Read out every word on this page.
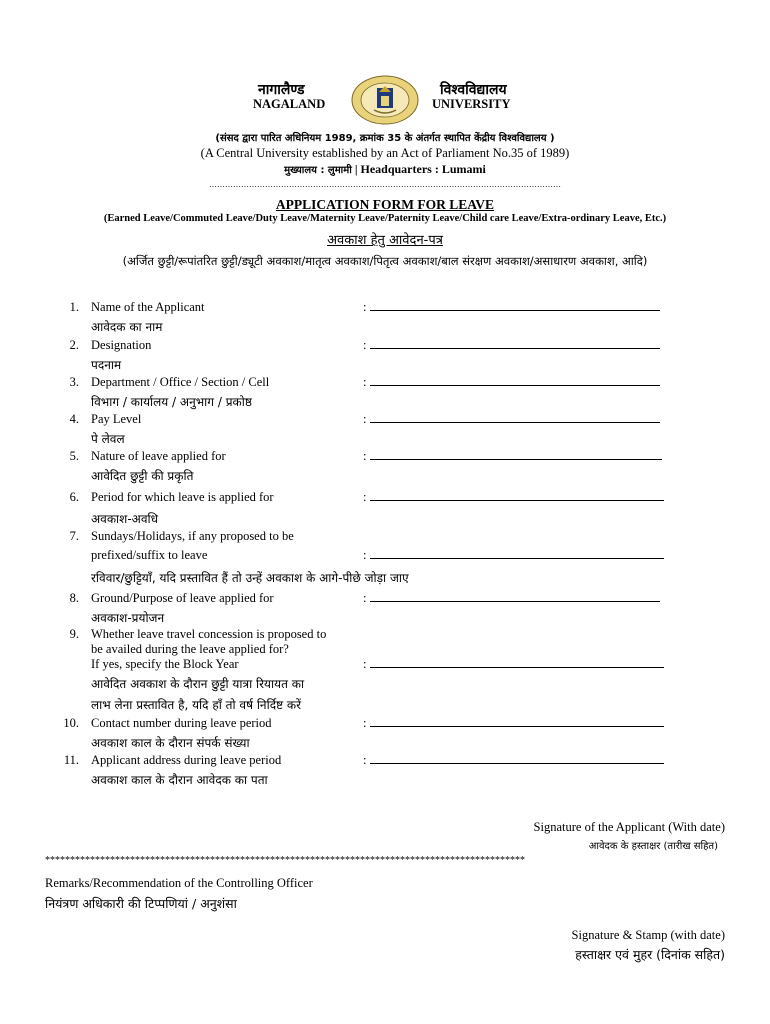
नागालैण्ड
NAGALAND
विश्वविद्यालय
UNIVERSITY
(संसद द्वारा पारित अधिनियम 1989, क्रमांक 35 के अंतर्गत स्थापित केंद्रीय विश्वविद्यालय )
(A Central University established by an Act of Parliament No.35 of 1989)
मुख्यालय : लुमामी | Headquarters : Lumami
……………………………………………………………………………………………………………………
APPLICATION FORM FOR LEAVE
(Earned Leave/Commuted Leave/Duty Leave/Maternity Leave/Paternity Leave/Child care Leave/Extra-ordinary Leave, Etc.)
अवकाश हेतु आवेदन-पत्र
(अर्जित छुट्टी/रूपांतरित छुट्टी/ड्यूटी अवकाश/मातृत्व अवकाश/पितृत्व अवकाश/बाल संरक्षण अवकाश/असाधारण अवकाश, आदि)
1. Name of the Applicant
आवेदक का नाम
:
2. Designation
पदनाम
:
3. Department / Office / Section / Cell
विभाग / कार्यालय / अनुभाग / प्रकोष्ठ
:
4. Pay Level
पे लेवल
:
5. Nature of leave applied for
आवेदित छुट्टी की प्रकृति
:
6. Period for which leave is applied for
अवकाश-अवधि
:
7. Sundays/Holidays, if any proposed to be
prefixed/suffix to leave
रविवार/छुट्टियाँ, यदि प्रस्तावित हैं तो उन्हें अवकाश के आगे-पीछे जोड़ा जाए
:
8. Ground/Purpose of leave applied for
अवकाश-प्रयोजन
:
9. Whether leave travel concession is proposed to
be availed during the leave applied for?
If yes, specify the Block Year
आवेदित अवकाश के दौरान छुट्टी यात्रा रियायत का
लाभ लेना प्रस्तावित है, यदि हाँ तो वर्ष निर्दिष्ट करें
:
10. Contact number during leave period
अवकाश काल के दौरान संपर्क संख्या
:
11. Applicant address during leave period
अवकाश काल के दौरान आवेदक का पता
:
Signature of the Applicant (With date)
आवेदक के हस्ताक्षर (तारीख सहित)
************************************************************************************************
Remarks/Recommendation of the Controlling Officer
नियंत्रण अधिकारी की टिप्पणियां / अनुशंसा
Signature & Stamp (with date)
हस्ताक्षर एवं मुहर (दिनांक सहित)
